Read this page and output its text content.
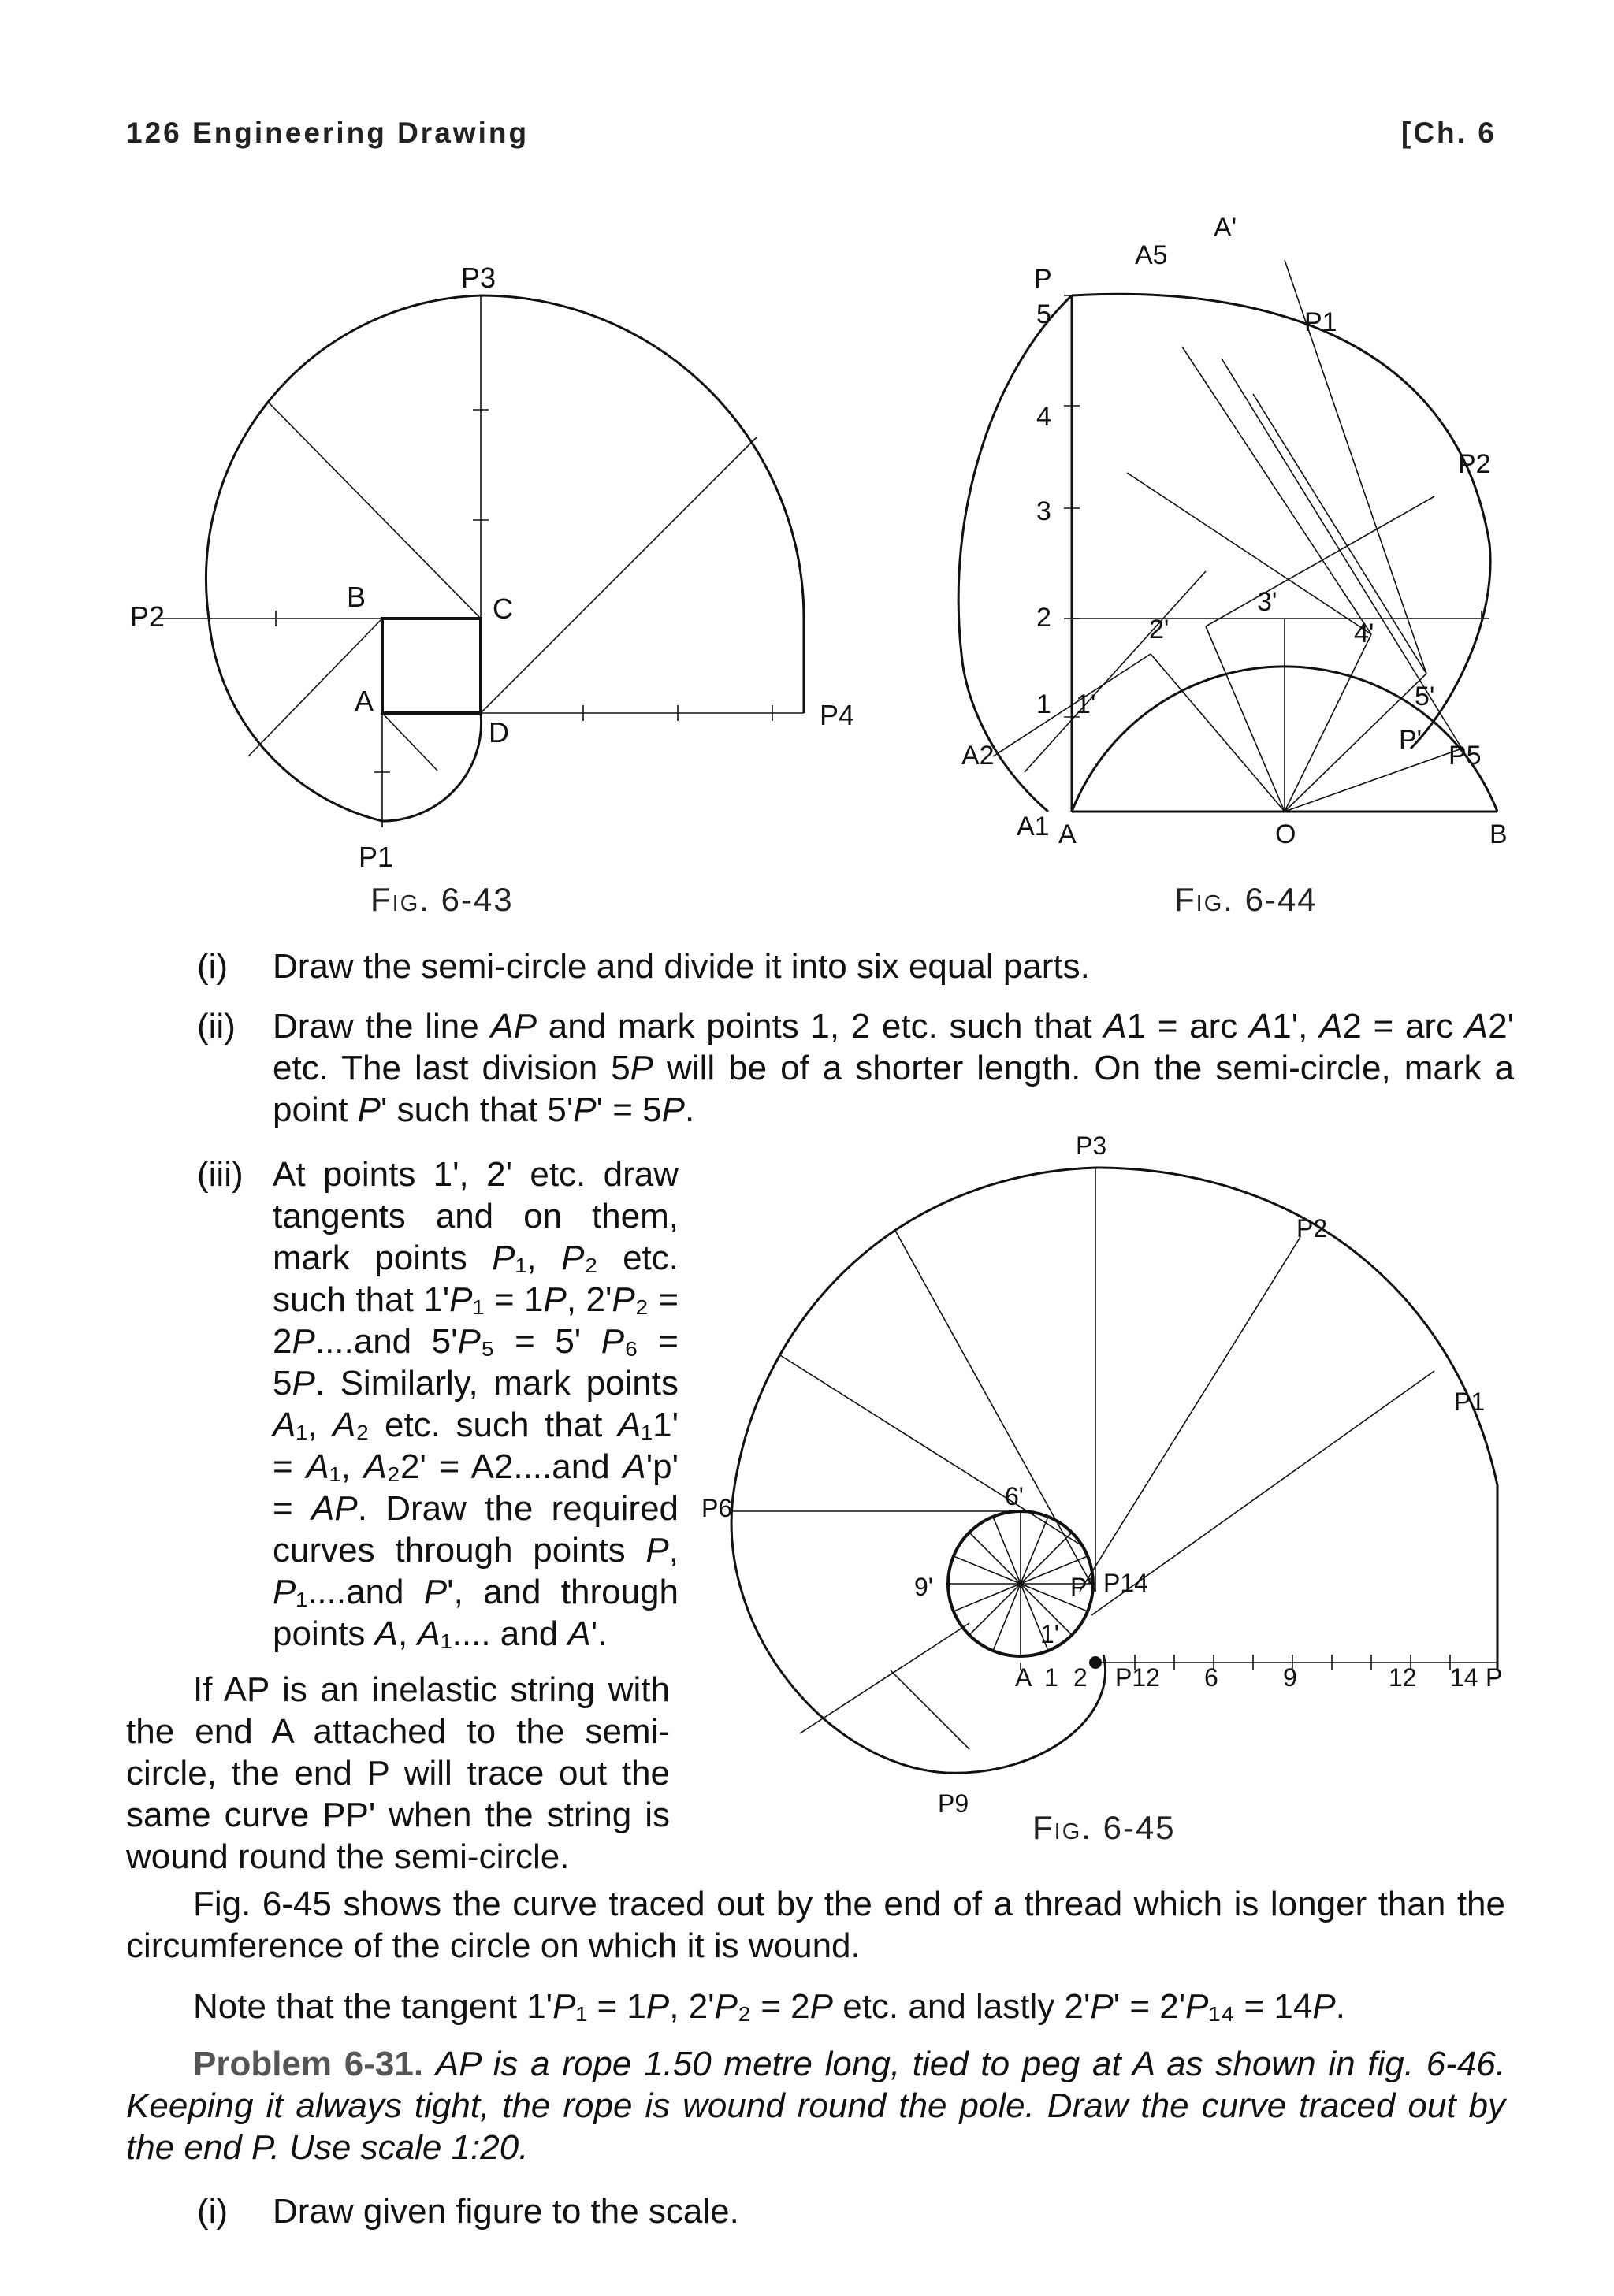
126 Engineering Drawing	[Ch. 6
P3
P2
P4
P1
B	C
A
D
Fig. 6-43
P
5
4
3
2
1 1'
2'
3'
4'
5'
P'
A2
A1 A	O	B
A5
A'
P1
P2
P5
Fig. 6-44
(i) Draw the semi-circle and divide it into six equal parts.
(ii) Draw the line AP and mark points 1, 2 etc. such that A1 = arc A1', A2 = arc A2' etc. The last division 5P will be of a shorter length. On the semi-circle, mark a point P' such that 5'P' = 5P.
(iii) At points 1', 2' etc. draw tangents and on them, mark points P₁, P₂ etc. such that 1'P₁ = 1P, 2'P₂ = 2P....and 5'P₅ = 5' P₆ = 5P. Similarly, mark points A₁, A₂ etc. such that A₁1' = A₁, A₂2' = A2....and A'p' = AP. Draw the required curves through points P, P₁....and P', and through points A, A₁.... and A'.
If AP is an inelastic string with the end A attached to the semi-circle, the end P will trace out the same curve PP' when the string is wound round the semi-circle.
P3
P2
P1
P6
P9
P12
P14
P'
6'
9'
1'
A 1 2	6	9	12 14 P
Fig. 6-45
Fig. 6-45 shows the curve traced out by the end of a thread which is longer than the circumference of the circle on which it is wound.
Note that the tangent 1'P₁ = 1P, 2'P₂ = 2P etc. and lastly 2'P' = 2'P₁₄ = 14P.
Problem 6-31. AP is a rope 1.50 metre long, tied to peg at A as shown in fig. 6-46. Keeping it always tight, the rope is wound round the pole. Draw the curve traced out by the end P. Use scale 1:20.
(i) Draw given figure to the scale.
